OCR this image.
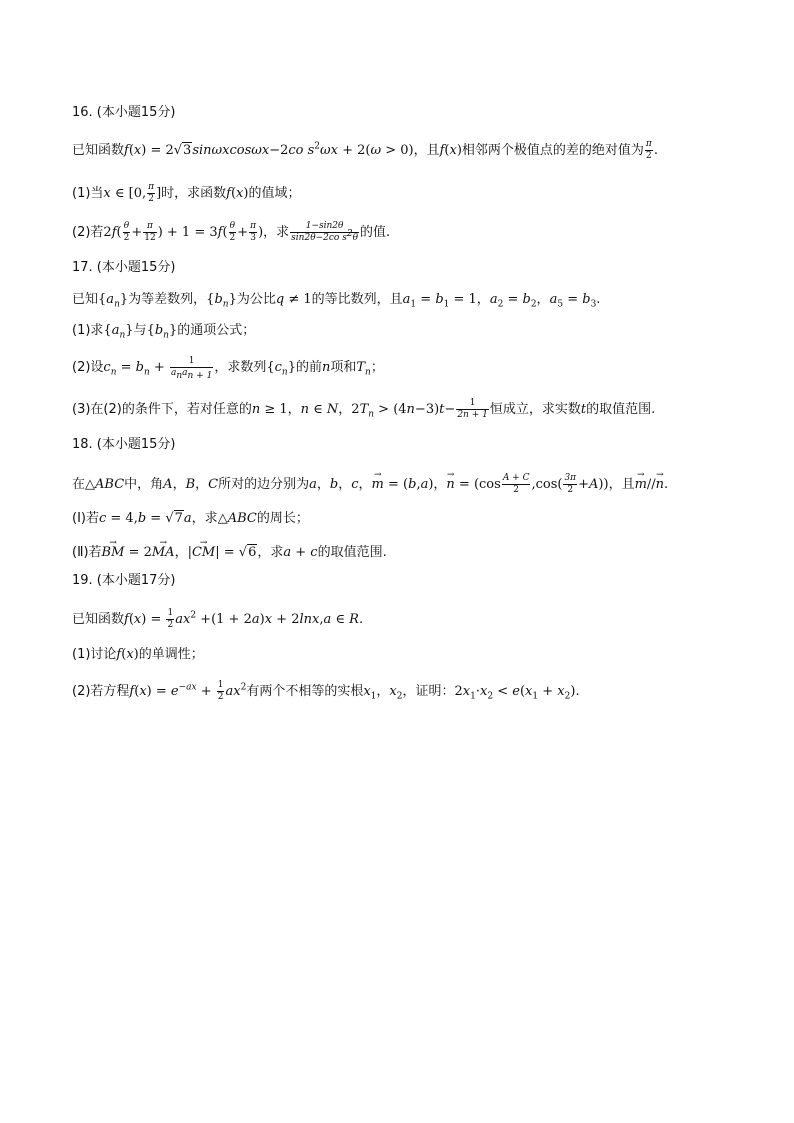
16. (本小题15分)
已知函数f(x) = 2√3sinωxcosωx−2co $s^2\omega x + 2(\omega > 0)$，且f(x)相邻两个极值点的差的绝对值为 $\frac{\pi}{2}$ .
(1)当x ∈ [0, $\frac{\pi}{2}$ ]时，求函数f(x)的值域；
(2)若$2f( \frac{\theta}{2} + \frac{\pi}{12}$ ) + $1 = 3f( \frac{\theta}{2} + \frac{\pi}{3}$ )，求 $\frac{1-\sin 2\theta}{\sin 2\theta-2co s^2\theta}$ 的值.
17. (本小题15分)
已知$\{a_n\}$为等差数列，$\{b_n\}$为公比q ≠ 1的等比数列，且$a_1 = b_1 = 1$，$a_2 = b_2$，$a_5 = b_3$.
(1)求$\{a_n\}$与$\{b_n\}$的通项公式；
(2)设$c_n = b_n + \frac{1}{a_na_{n + 1}}$ ，求数列$\{c_n\}$的前n项和$T_n$；
(3)在(2)的条件下，若对任意的n ≥ 1，n ∈ N，$2T_n > (4n-3)t- \frac{1}{2n + 1}$ 恒成立，求实数t的取值范围.
18. (本小题15分)
在△ABC中，角A，B，C所对的边分别为a，b，c，→ m = (b,a)，→ $n = (\cos \frac{A + C}{2} ,\cos( \frac{3\pi}{2} +A))$，且→ m//→ n.
(Ⅰ)若c = 4,b = √7a，求△ABC的周长；
(Ⅱ)若→ BM = 2→ MA，|→ CM| = √6，求a + c的取值范围.
19. (本小题17分)
已知函数$f(x) = \frac{1}{2} ax^2 +(1 + 2a)x + 2\ln x,a$ ∈ R.
(1)讨论f(x)的单调性；
(2)若方程$f(x) = e^{-ax} + \frac{1}{2} ax^2$有两个不相等的实根$x_1$，$x_2$，证明：$2x_1\cdot x_2 < e(x_1 + x_2)$.
